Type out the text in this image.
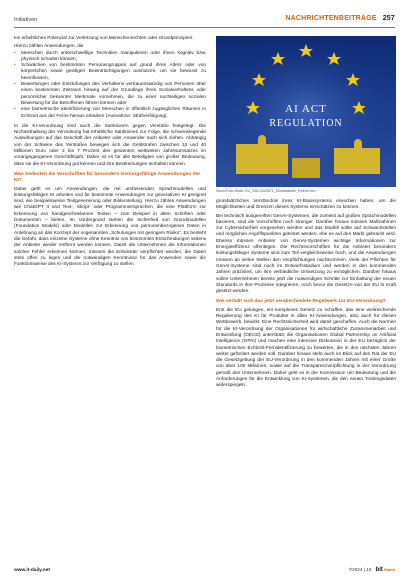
Initiativen	NACHRICHTENBEITRÄGE 257

ein erhebliches Potenzial zur Verletzung von Menschenrechten oder Grundprinzipien.

Hierzu zählen Anwendungen, die

• Menschen durch unterschwellige Techniken manipulieren oder ihnen kognitiv bzw. physisch schaden können,
• Schwächen von bestimmten Personengruppen auf grund ihres Alters oder von körperlichen sowie geistigen Beeinträchtigungen ausnutzen, um sie bewusst zu beeinflussen,
• Bewertungen oder Einstufungen des Verhaltens vertrauenswürdig von Personen über einen bestimmten Zeitraum hinweg auf der Grundlage ihres Sozialverhaltens oder persönlicher bekannter Merkmale vornehmen, die zu einer nachteiligen sozialen Bewertung für die Betroffenen führen können oder
• eine biometrische Identifizierung von Menschen in öffentlich zugänglichen Räumen in Echtzeit aus der Ferne heraus erlauben (Ausnahme: Strafverfolgung).

In die KI-Verordnung sind auch die Sanktionen gegen Verstöße festgelegt. Die Nichteinhaltung der Verordnung hat erhebliche Sanktionen zur Folge, die schwerwiegende Auswirkungen auf das Geschäft der Anbieter oder Anwender nach sich ziehen. Abhängig von der Schwere des Verstoßes bewegen sich die Geldstrafen zwischen 10 und 40 Millionen Euro oder 2 bis 7 Prozent des gesamten weltweiten Jahresumsatzes im vorangegangenen Geschäftsjahr. Daher ist es für alle Beteiligten von großer Bedeutung, dass sie die KI-Verordnung gut kennen und ihre Bestimmungen einhalten können.

Was bedeuten die Vorschriften für besonders leistungsfähige Anwendungen der KI?

Dabei geht es um Anwendungen, die mit umfassenden Sprachmodellen und leistungsfähigen KI arbeiten und für bestimmte Anwendungen zur generativen KI geeignet sind, wie beispielsweise Textgenerierung oder Bilderstellung. Hierzu zählen Anwendungen wie ChatGPT 4 und Text-, Skript- oder Programmiersprachen, die eine Plattform zur Erkennung von handgeschriebenen Texten – zum Beispiel in alten Schriften oder Dokumenten – bieten. Im Vordergrund stehen die Sicherheit von Grundmodellen (Foundation Models) oder Modellen zur Erkennung von personenbezogenen Daten in Anlehnung an das Konzept der sogenannten „Schulungen mit geringem Risiko“. Es besteht die Gefahr, dass einzelne Systeme ohne Kenntnis von bestimmten Entscheidungen seitens der Anbieter wieder entfernt werden können. Damit die Unternehmen die Informationen solcher Fehler erkennen können, müssen die Entwickler verpflichtet werden, die Daten stets offen zu legen und die notwendigen Kenntnisse für das Anwenden sowie die Funktionsweise des KI-Systems zur Verfügung zu stellen.

AI ACT
REGULATION
Stock-Foto-Motiv: EU_VMI-0024571_Klimawandel_Reihen-ein

grundsätzliches Verständnis ihres KI-Basissystems erworben haben, um die Möglichkeiten und Grenzen dieses Systems einschätzen zu können.

Bei technisch ausgereiften GenAI-Systemen, die zumeist auf großen Sprachmodellen basieren, sind die Vorschriften noch strenger. Darüber hinaus müssen Maßnahmen zur Cybersicherheit vorgesehen werden und das Modell sollte auf Schwachstellen und möglichen Angriffspunkten getestet werden, ehe es auf den Markt gebracht wird. Ebenso müssen Anbieter von GenAI-Systemen wichtige Informationen zur Energieeffizienz offenlegen. Die Rechtsvorschriften für die Anbieter besonders leistungsfähiger Systeme sind zum Teil vergleichsweise hoch, und die Anwendungen müssen an vielen Stellen den Verpflichtungen nachkommen. Viele der Pflichten für GenAI-Systeme sind noch im Entwurfsstadium und werden in den kommenden Jahren präzisiert, um ihre verbindliche Umsetzung zu ermöglichen. Darüber hinaus sollen Unternehmen bereits jetzt die notwendigen Schritte zur Einhaltung der neuen Standards in ihre Prozesse integrieren, noch bevor die Gesetze von der EU in Kraft gesetzt werden.

Wie verhält sich das jetzt verabschiedete Regelwerk zur EU-Verordnung?

Erst die EU gelungen, ein komplexes Gesetz zu schaffen, das eine weitreichende Regulierung des KI für Produkte in allen KI-Anwendungen, also auch für diesen Wettbewerb, bewirkt. Eine Rechtssicherheit wird damit geschaffen. Auch die Normen für die KI-Verordnung der Organisationen für wirtschaftliche Zusammenarbeit und Entwicklung (OECD) unterstützt die Organisationen Global Partnership on Artificial Intelligence (GPAI) und machen eine intensive Diskussion in der EU bezüglich der biometrischen Echtzeit-Fernidentifizierung zu bewerten, die in den nächsten Jahren weiter gefördert werden soll. Darüber hinaus steht auch im Blick auf den Rat der EU die Gesetzgebung der EU-Verordnung in den kommenden Jahren mit einer Größe von über 100 Millionen, sowie auf die Transparenzverpflichtung in der Verordnung gemäß den Unternehmen. Daher geht es in der Kommission um Bedeutung und die Anforderungen für die Entwicklung von KI-Systemen, die den neuen Trainingsdaten widerspiegeln.

www.it-daily.net	7/2024 | 10 bitStand
